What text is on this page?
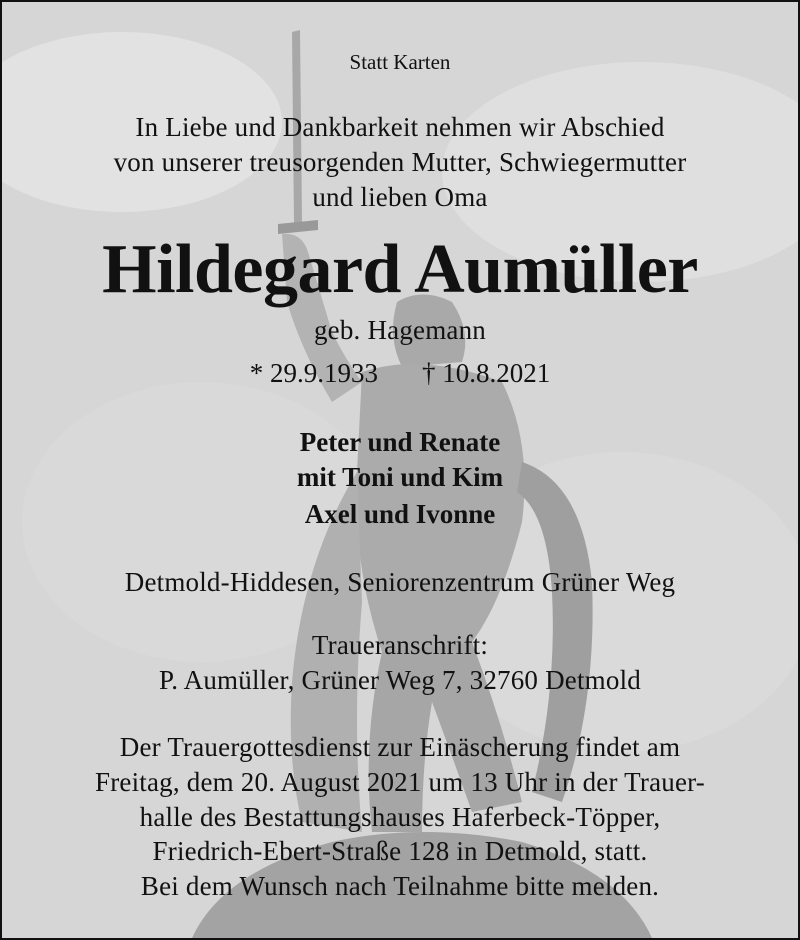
Statt Karten
In Liebe und Dankbarkeit nehmen wir Abschied
von unserer treusorgenden Mutter, Schwiegermutter
und lieben Oma
Hildegard Aumüller
geb. Hagemann
* 29.9.1933 † 10.8.2021
Peter und Renate
mit Toni und Kim
Axel und Ivonne
Detmold-Hiddesen, Seniorenzentrum Grüner Weg
Traueranschrift:
P. Aumüller, Grüner Weg 7, 32760 Detmold
Der Trauergottesdienst zur Einäscherung findet am
Freitag, dem 20. August 2021 um 13 Uhr in der Trauer-
halle des Bestattungshauses Haferbeck-Töpper,
Friedrich-Ebert-Straße 128 in Detmold, statt.
Bei dem Wunsch nach Teilnahme bitte melden.
